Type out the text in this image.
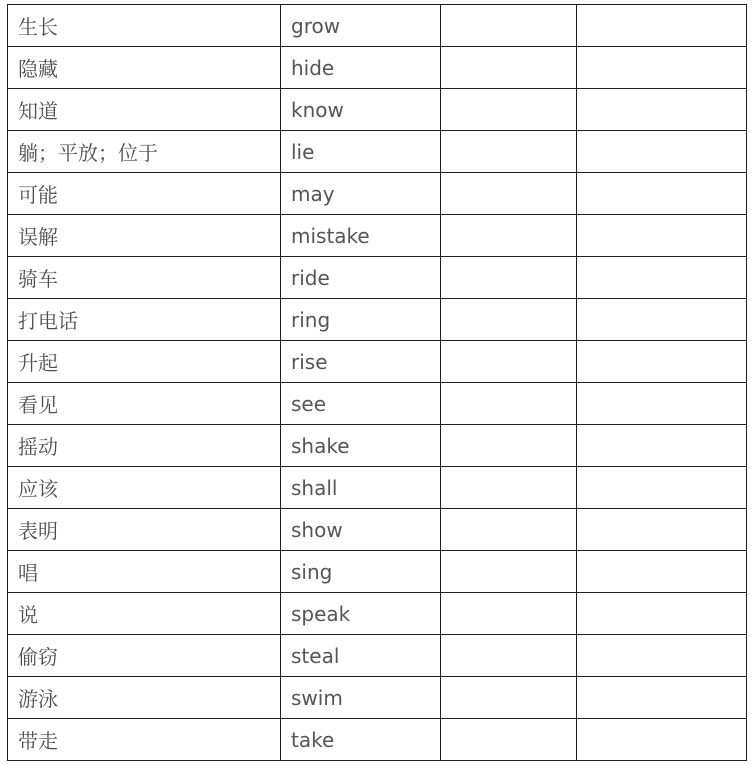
生长	grow		
隐藏	hide		
知道	know		
躺；平放；位于	lie		
可能	may		
误解	mistake		
骑车	ride		
打电话	ring		
升起	rise		
看见	see		
摇动	shake		
应该	shall		
表明	show		
唱	sing		
说	speak		
偷窃	steal		
游泳	swim		
带走	take		
